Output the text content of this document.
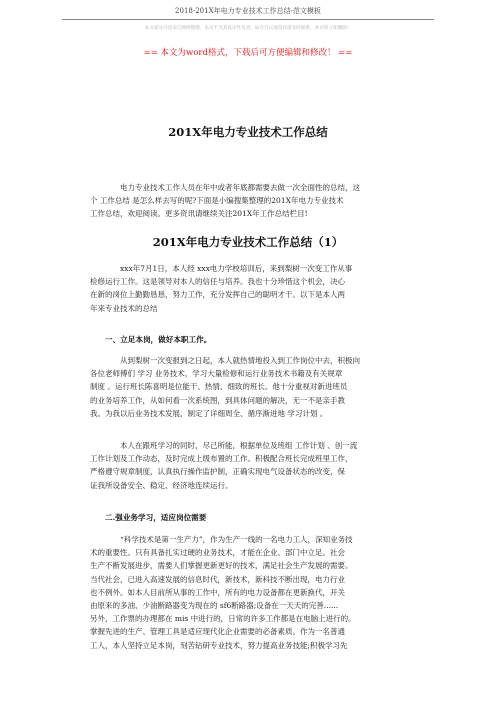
2018-201X年电力专业技术工作总结-范文模板
本文部分内容来自网络整理，本司不为其真实性负责，如有异议或侵权请及时联系，本司将立即删除！
== 本文为word格式，下载后可方便编辑和修改！ ==
201X年电力专业技术工作总结
电力专业技术工作人员在年中或者年底都需要去做一次全面性的总结，这
个 工作总结 是怎么样去写的呢?下面是小编搜集整理的201X年电力专业技术
工作总结，欢迎阅读。更多资讯请继续关注201X年工作总结栏目!
201X年电力专业技术工作总结（1）
xxx年7月1日，本人经 xxx电力学校培训后，来到梨树一次变工作从事
检修运行工作。这是领导对本人的信任与培养。我也十分珍惜这个机会，决心
在新的岗位上勤勤恳恳，努力工作，充分发挥自己的聪明才干。以下是本人两
年来专业技术的总结
一、立足本岗，做好本职工作。
从到梨树一次变报到之日起，本人就热情地投入到工作岗位中去，积极向
各位老师傅们 学习 业务技术，学习大量检修和运行业务技术书籍及有关规章
制度 。运行班长陈喜明是位能干、热情、细致的班长。他十分重视对新进班员
的业务培养工作，从如何看一次系统图，到具体问题的解决，无一不是亲手教
我。为我以后业务技术发展，制定了详细周全、循序渐进地 学习计划 。
本人在跟班学习的同时，尽己所能，根据单位及班组 工作计划 、创一流
工作计划及工作动态，及时完成上级布置的工作。积极配合班长完成班里工作，
严格遵守规章制度，认真执行操作监护制，正确实现电气设备状态的改变，保
证我所设备安全、稳定、经济地连续运行。
二.强业务学习，适应岗位需要
“科学技术是第一生产力”，作为生产一线的一名电力工人，深知业务技
术的重要性。只有具备扎实过硬的业务技术，才能在企业、部门中立足。社会
生产不断发展进步，需要人们掌握更新更好的技术，满足社会生产发展的需要。
当代社会，已进入高速发展的信息时代，新技术，新科技不断出现，电力行业
也不例外。如本人目前所从事的工作中，所有的电力设备都在更新换代，开关
由原来的多油、少油断路器变为现在的 sf6断路器;设备在一天天的完善......
另外，工作票的办理都在 mis 中进行的，日常的许多工作都是在电脑上进行的。
掌握先进的生产、管理工具是适应现代化企业需要的必备素质。作为一名普通
工人，本人坚持立足本岗，刻苦钻研专业技术，努力提高业务技能;积极学习先
